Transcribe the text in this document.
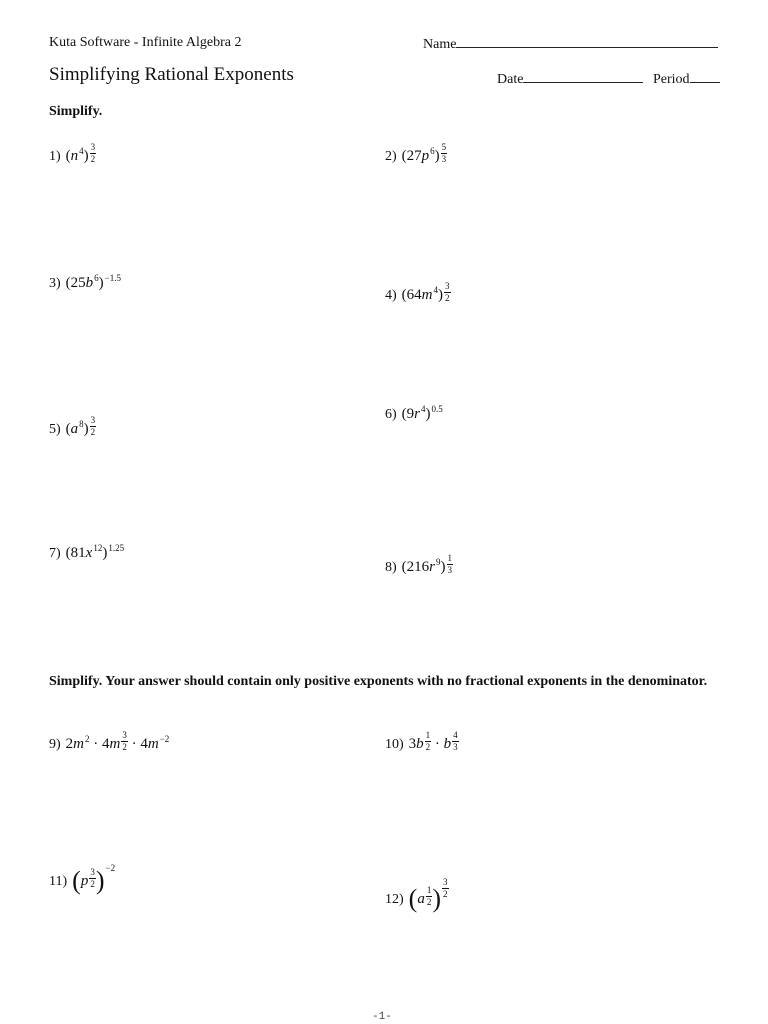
Kuta Software - Infinite Algebra 2	Name
Simplifying Rational Exponents	Date	Period
Simplify.
1) $(n^4) \frac{3}{2}$	2) $(27p^6) \frac{5}{3}$
3) $(25b^6)^{-1.5}$
4) $(64m^4) \frac{3}{2}$
5) $(a^8) \frac{3}{2}$
6) $(9r^4)^{0.5}$
7) $(81x^{12})^{1.25}$
8) $(216r^9) \frac{1}{3}$
Simplify. Your answer should contain only positive exponents with no fractional exponents in the denominator.
9) $2m^2 \cdot 4m \frac{3}{2} \cdot 4m^{-2}$	10) $3b \frac{1}{2} \cdot b \frac{4}{3}$
11) $(p \frac{3}{2} )^{-2}$
12) ($a \frac{1}{2}$ ) $\frac{3}{2}$
-1-
